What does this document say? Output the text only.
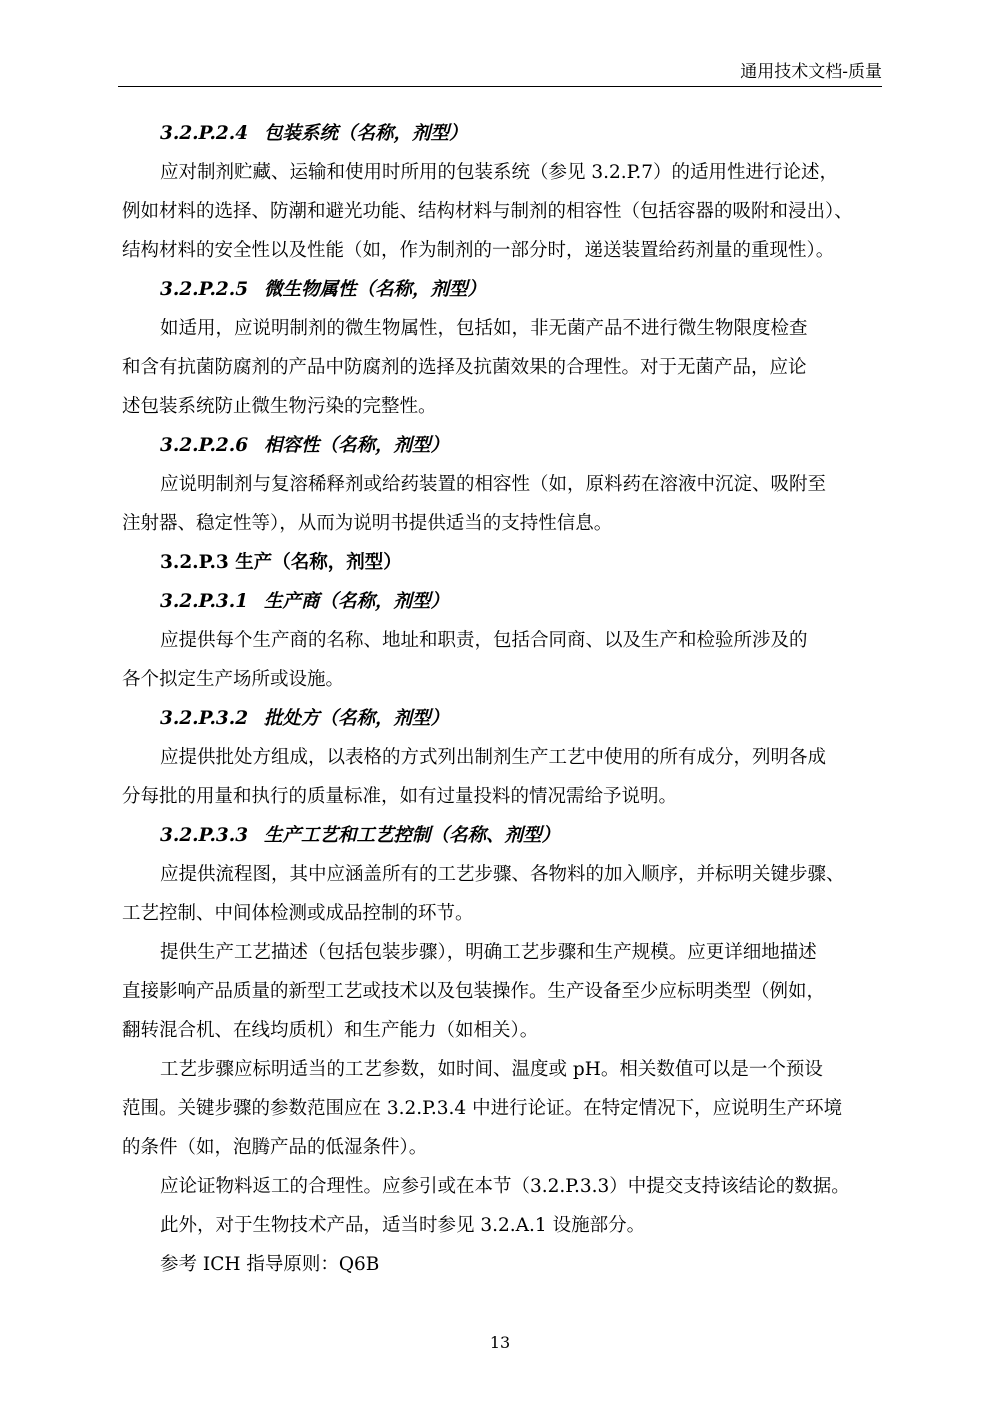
通用技术文档-质量
3.2.P.2.4 包装系统（名称，剂型）
应对制剂贮藏、运输和使用时所用的包装系统（参见 3.2.P.7）的适用性进行论述，
例如材料的选择、防潮和避光功能、结构材料与制剂的相容性（包括容器的吸附和浸出）、
结构材料的安全性以及性能（如，作为制剂的一部分时，递送装置给药剂量的重现性）。
3.2.P.2.5 微生物属性（名称，剂型）
如适用，应说明制剂的微生物属性，包括如，非无菌产品不进行微生物限度检查
和含有抗菌防腐剂的产品中防腐剂的选择及抗菌效果的合理性。对于无菌产品，应论
述包装系统防止微生物污染的完整性。
3.2.P.2.6 相容性（名称，剂型）
应说明制剂与复溶稀释剂或给药装置的相容性（如，原料药在溶液中沉淀、吸附至
注射器、稳定性等），从而为说明书提供适当的支持性信息。
3.2.P.3 生产（名称，剂型）
3.2.P.3.1 生产商（名称，剂型）
应提供每个生产商的名称、地址和职责，包括合同商、以及生产和检验所涉及的
各个拟定生产场所或设施。
3.2.P.3.2 批处方（名称，剂型）
应提供批处方组成，以表格的方式列出制剂生产工艺中使用的所有成分，列明各成
分每批的用量和执行的质量标准，如有过量投料的情况需给予说明。
3.2.P.3.3 生产工艺和工艺控制（名称、剂型）
应提供流程图，其中应涵盖所有的工艺步骤、各物料的加入顺序，并标明关键步骤、
工艺控制、中间体检测或成品控制的环节。
提供生产工艺描述（包括包装步骤），明确工艺步骤和生产规模。应更详细地描述
直接影响产品质量的新型工艺或技术以及包装操作。生产设备至少应标明类型（例如，
翻转混合机、在线均质机）和生产能力（如相关）。
工艺步骤应标明适当的工艺参数，如时间、温度或 pH。相关数值可以是一个预设
范围。关键步骤的参数范围应在 3.2.P.3.4 中进行论证。在特定情况下，应说明生产环境
的条件（如，泡腾产品的低湿条件）。
应论证物料返工的合理性。应参引或在本节（3.2.P.3.3）中提交支持该结论的数据。
此外，对于生物技术产品，适当时参见 3.2.A.1 设施部分。
参考 ICH 指导原则：Q6B
13
